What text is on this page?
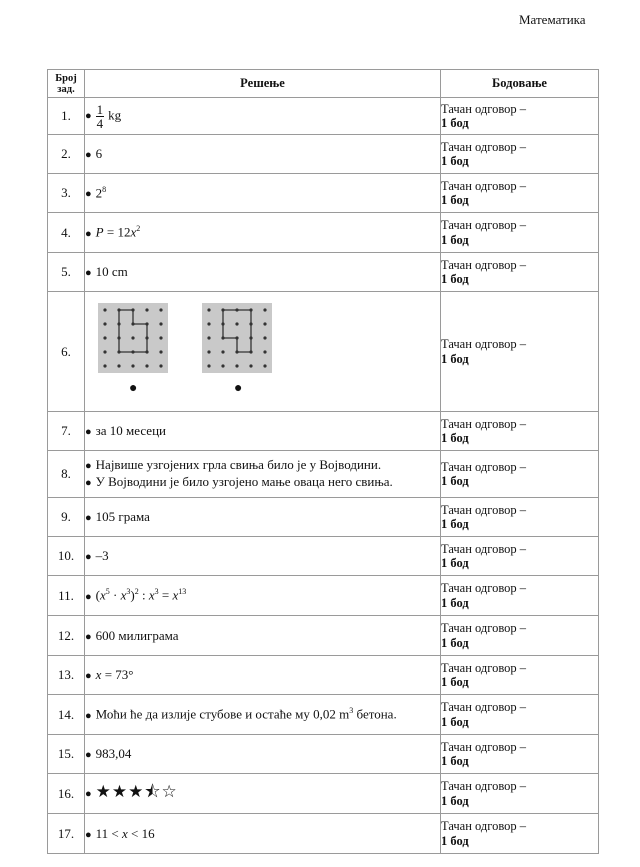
Математика
Број
зад.	Решење	Бодовање
1.	● $\frac{1}{4}$ kg	Тачан одговор –
1 бод
2.	● 6	Тачан одговор –
1 бод
3.	● $2^8$	Тачан одговор –
1 бод
4.	● $P = 12x^2$	Тачан одговор –
1 бод
5.	● 10 cm	Тачан одговор –
1 бод
6.	● ●	Тачан одговор –
1 бод
7.	● за 10 месеци	Тачан одговор –
1 бод
8.	● Највише узгојених грла свиња било је у Војводини.
● У Војводини је било узгојено мање оваца него свиња.	Тачан одговор –
1 бод
9.	● 105 грама	Тачан одговор –
1 бод
10.	● –3	Тачан одговор –
1 бод
11.	● $(x^5 \cdot x^3)^2$ : $x^3 = x^{13}$	Тачан одговор –
1 бод
12.	● 600 милиграма	Тачан одговор –
1 бод
13.	● x = 73°	Тачан одговор –
1 бод
14.	● Моћи ће да излије стубове и остаће му 0,02 $m^3$ бетона.	Тачан одговор –
1 бод
15.	● 983,04	Тачан одговор –
1 бод
16.	● ★★★⯪☆	Тачан одговор –
1 бод
17.	● 11 < x < 16	Тачан одговор –
1 бод
